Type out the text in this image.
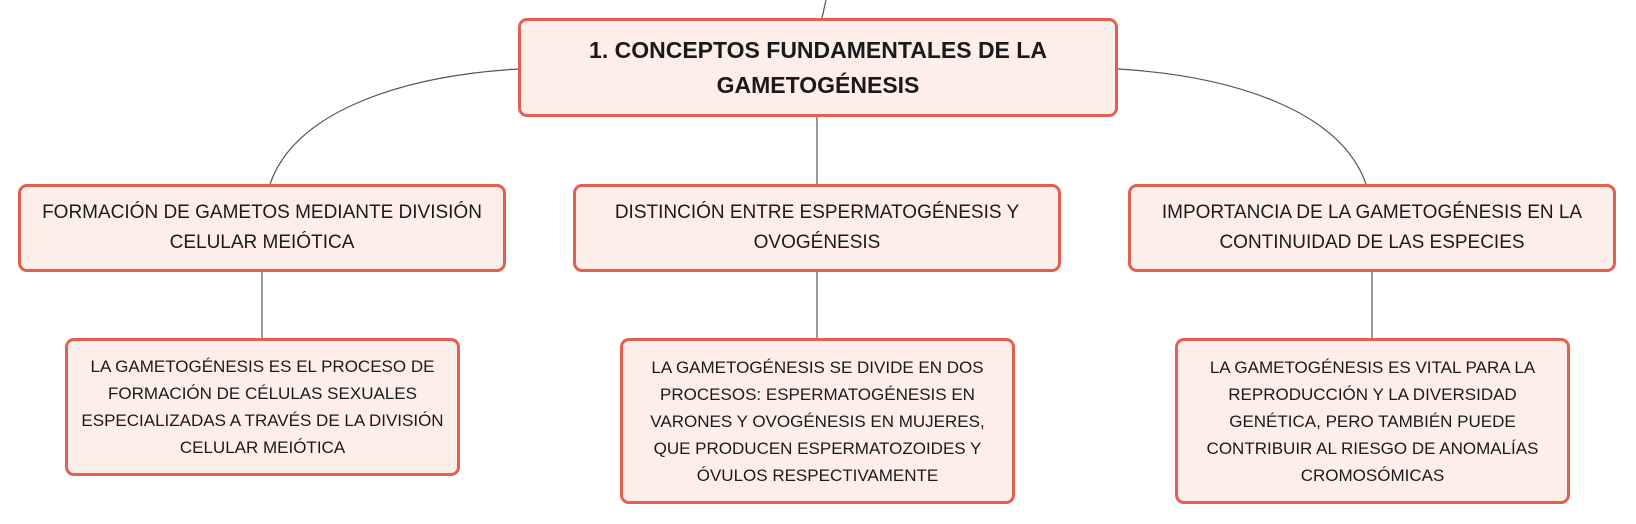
1. CONCEPTOS FUNDAMENTALES DE LA GAMETOGÉNESIS
FORMACIÓN DE GAMETOS MEDIANTE DIVISIÓN CELULAR MEIÓTICA
DISTINCIÓN ENTRE ESPERMATOGÉNESIS Y OVOGÉNESIS
IMPORTANCIA DE LA GAMETOGÉNESIS EN LA CONTINUIDAD DE LAS ESPECIES
LA GAMETOGÉNESIS ES EL PROCESO DE FORMACIÓN DE CÉLULAS SEXUALES ESPECIALIZADAS A TRAVÉS DE LA DIVISIÓN CELULAR MEIÓTICA
LA GAMETOGÉNESIS SE DIVIDE EN DOS PROCESOS: ESPERMATOGÉNESIS EN VARONES Y OVOGÉNESIS EN MUJERES, QUE PRODUCEN ESPERMATOZOIDES Y ÓVULOS RESPECTIVAMENTE
LA GAMETOGÉNESIS ES VITAL PARA LA REPRODUCCIÓN Y LA DIVERSIDAD GENÉTICA, PERO TAMBIÉN PUEDE CONTRIBUIR AL RIESGO DE ANOMALÍAS CROMOSÓMICAS
